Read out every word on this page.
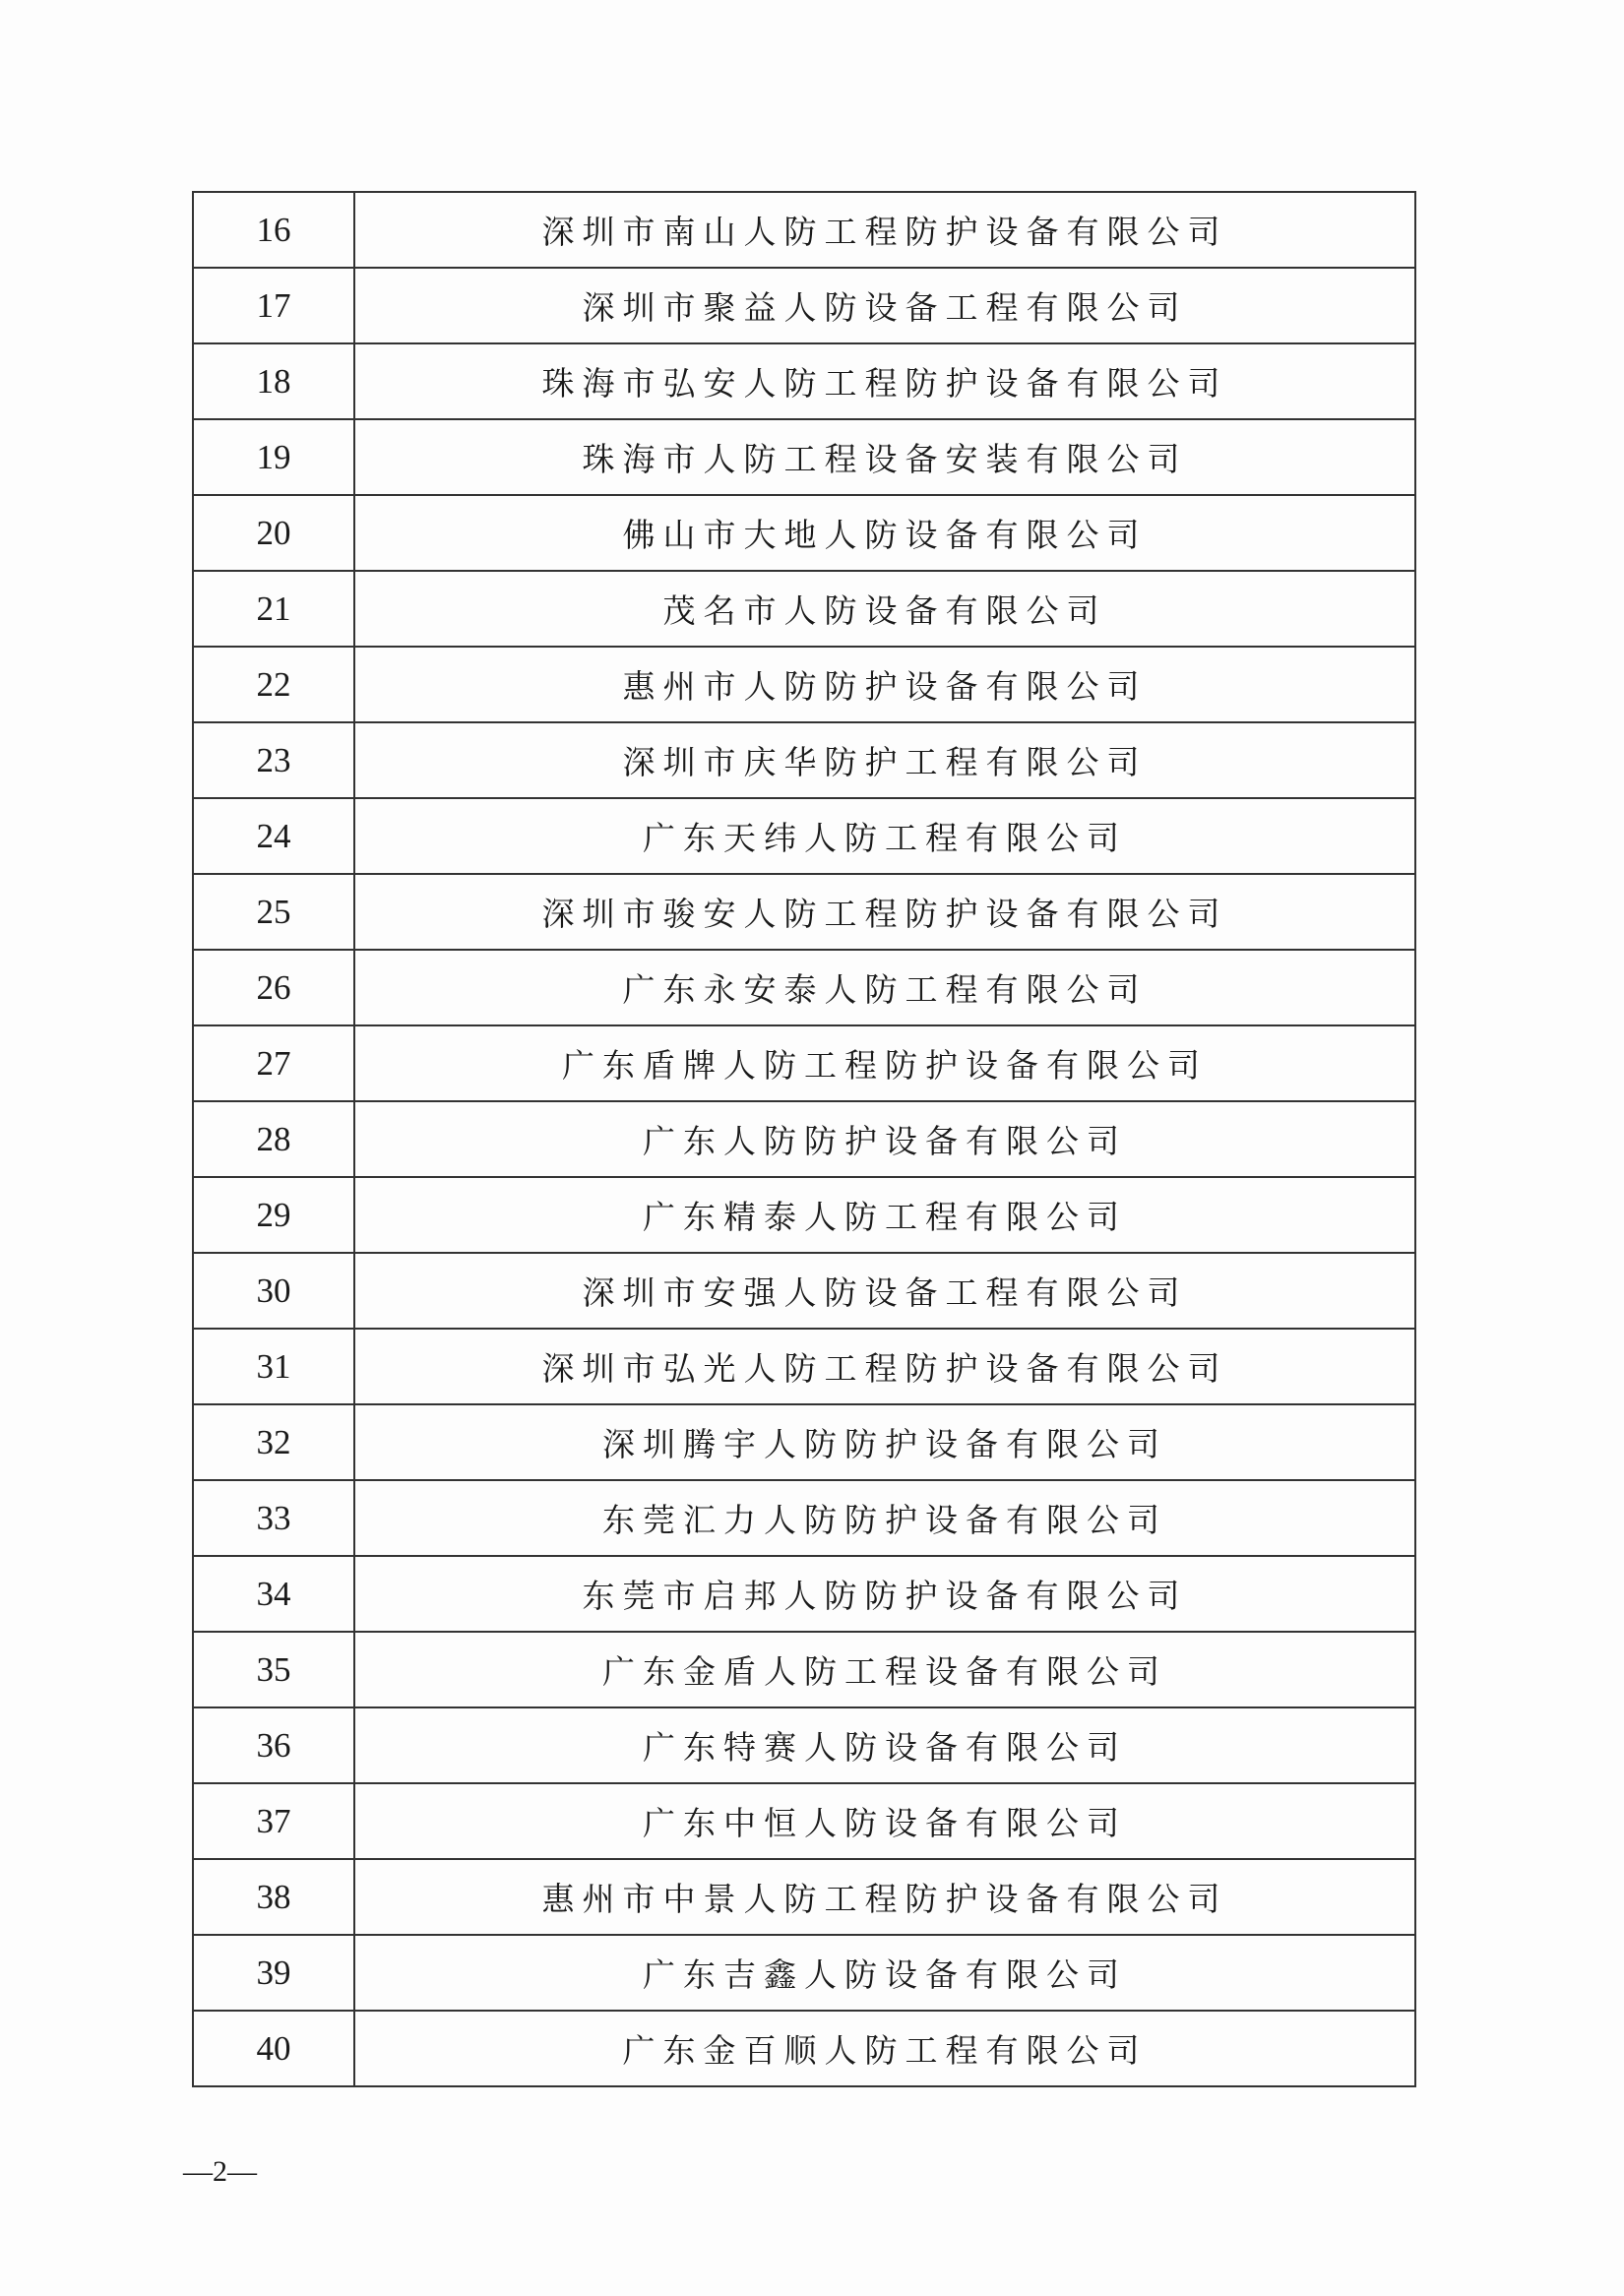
16	深圳市南山人防工程防护设备有限公司
17	深圳市聚益人防设备工程有限公司
18	珠海市弘安人防工程防护设备有限公司
19	珠海市人防工程设备安装有限公司
20	佛山市大地人防设备有限公司
21	茂名市人防设备有限公司
22	惠州市人防防护设备有限公司
23	深圳市庆华防护工程有限公司
24	广东天纬人防工程有限公司
25	深圳市骏安人防工程防护设备有限公司
26	广东永安泰人防工程有限公司
27	广东盾牌人防工程防护设备有限公司
28	广东人防防护设备有限公司
29	广东精泰人防工程有限公司
30	深圳市安强人防设备工程有限公司
31	深圳市弘光人防工程防护设备有限公司
32	深圳腾宇人防防护设备有限公司
33	东莞汇力人防防护设备有限公司
34	东莞市启邦人防防护设备有限公司
35	广东金盾人防工程设备有限公司
36	广东特赛人防设备有限公司
37	广东中恒人防设备有限公司
38	惠州市中景人防工程防护设备有限公司
39	广东吉鑫人防设备有限公司
40	广东金百顺人防工程有限公司
—2—
